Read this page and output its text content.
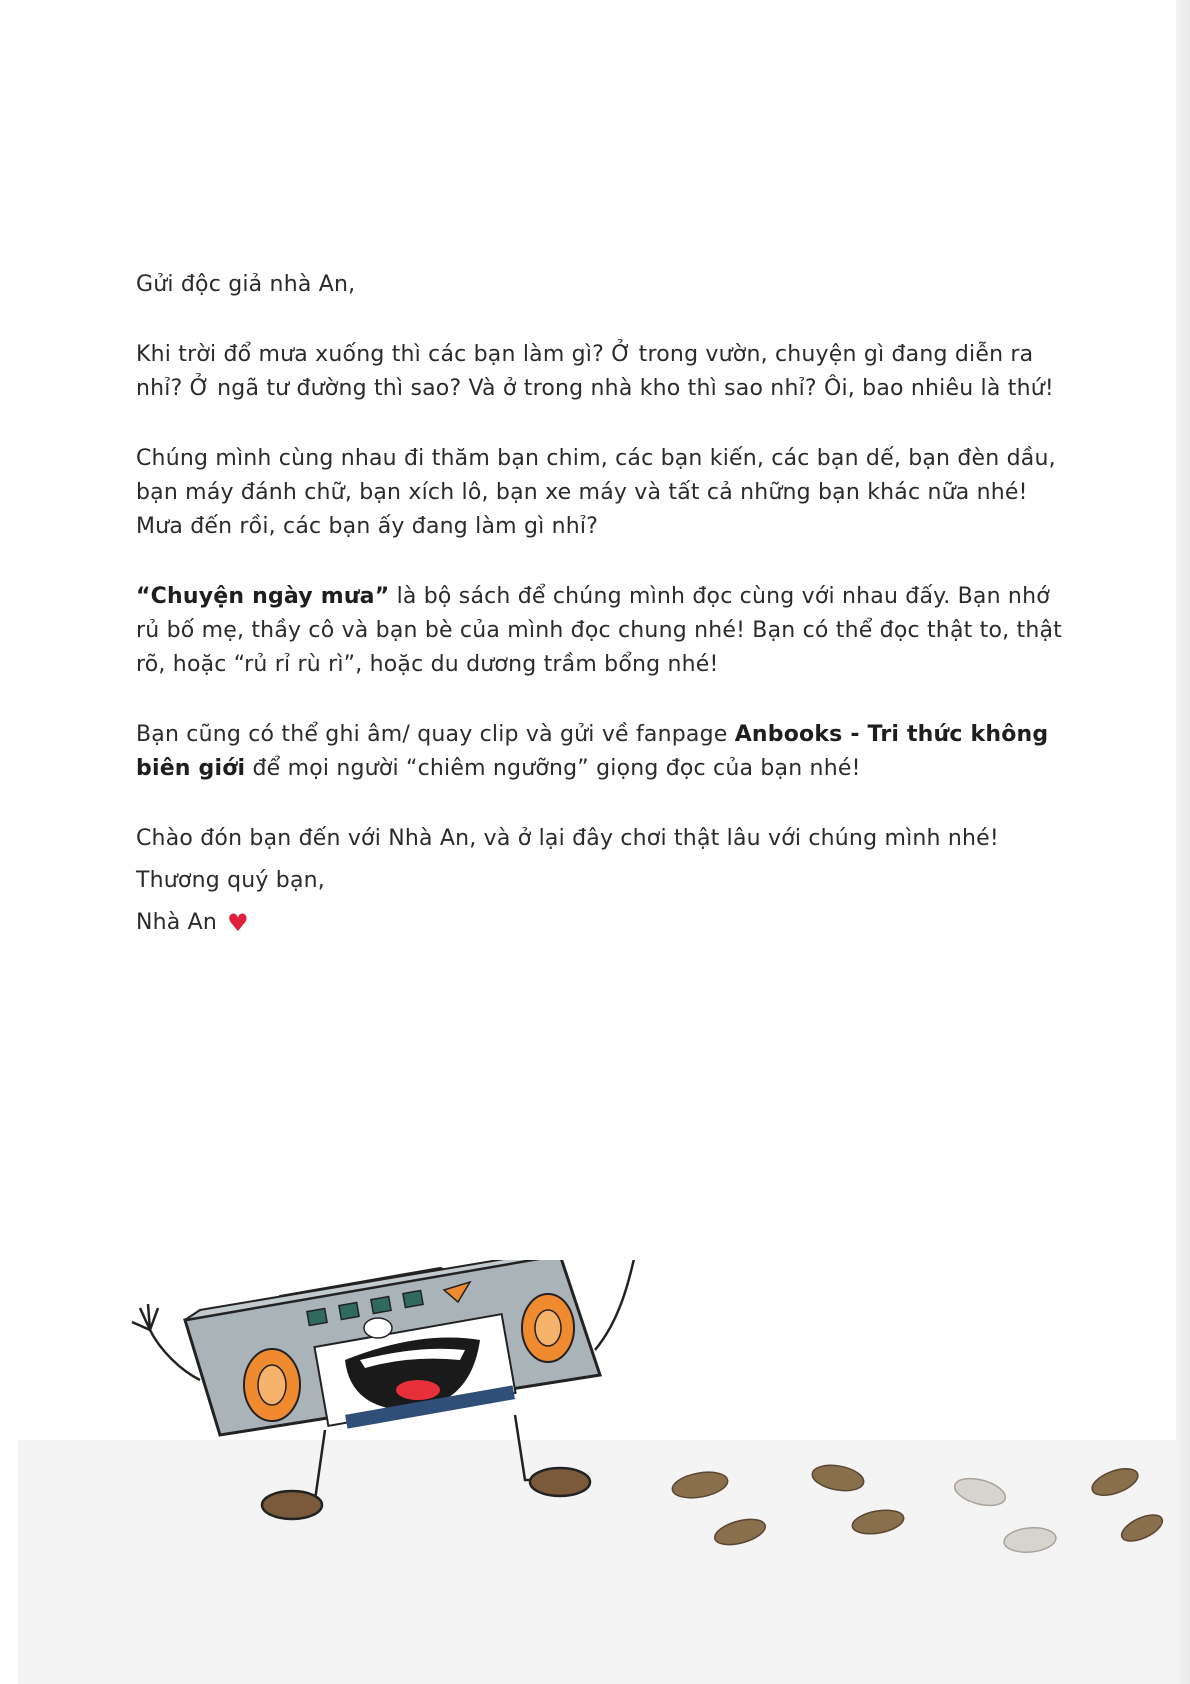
Gửi độc giả nhà An,

Khi trời đổ mưa xuống thì các bạn làm gì? Ở trong vườn, chuyện gì đang diễn ra nhỉ? Ở ngã tư đường thì sao? Và ở trong nhà kho thì sao nhỉ? Ôi, bao nhiêu là thứ!

Chúng mình cùng nhau đi thăm bạn chim, các bạn kiến, các bạn dế, bạn đèn dầu, bạn máy đánh chữ, bạn xích lô, bạn xe máy và tất cả những bạn khác nữa nhé! Mưa đến rồi, các bạn ấy đang làm gì nhỉ?

“Chuyện ngày mưa” là bộ sách để chúng mình đọc cùng với nhau đấy. Bạn nhớ rủ bố mẹ, thầy cô và bạn bè của mình đọc chung nhé! Bạn có thể đọc thật to, thật rõ, hoặc “rủ rỉ rù rì”, hoặc du dương trầm bổng nhé!

Bạn cũng có thể ghi âm/ quay clip và gửi về fanpage Anbooks - Tri thức không biên giới để mọi người “chiêm ngưỡng” giọng đọc của bạn nhé!

Chào đón bạn đến với Nhà An, và ở lại đây chơi thật lâu với chúng mình nhé!

Thương quý bạn,

Nhà An ♥
